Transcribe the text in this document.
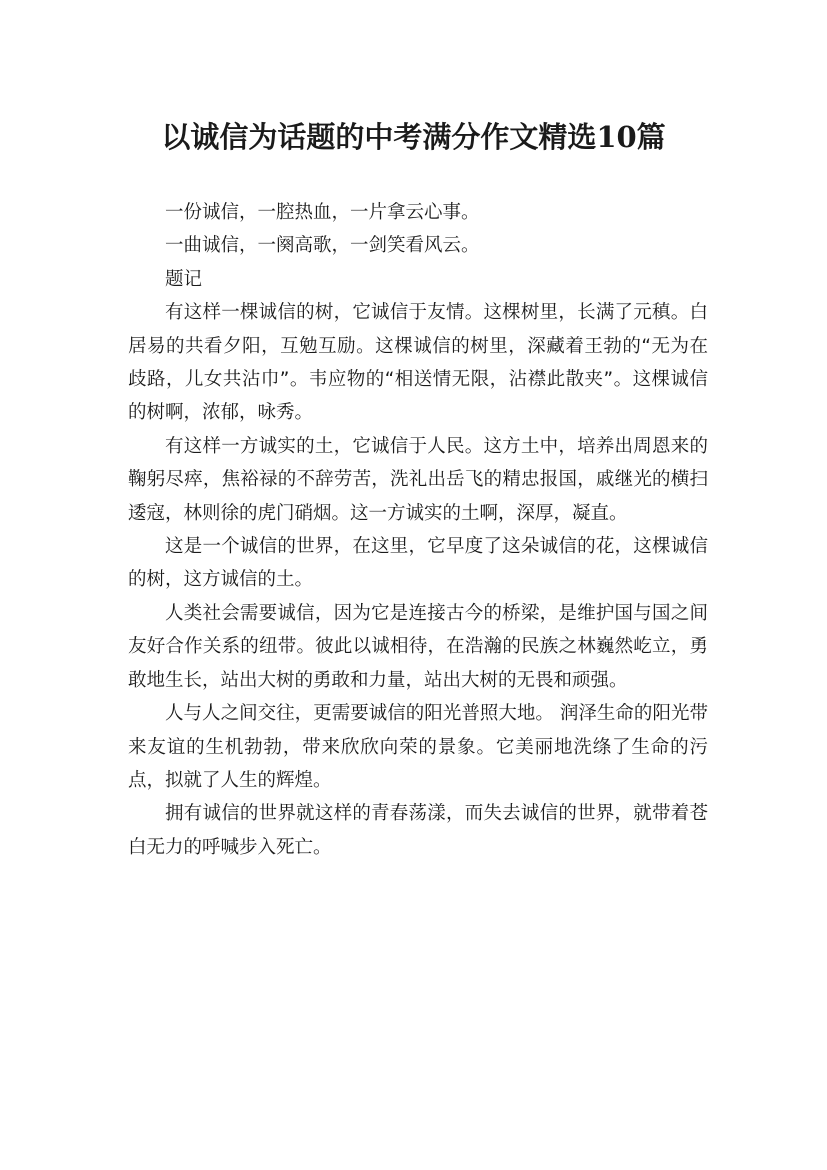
以诚信为话题的中考满分作文精选10篇

一份诚信，一腔热血，一片拿云心事。

一曲诚信，一阕高歌，一剑笑看风云。

题记

有这样一棵诚信的树，它诚信于友情。这棵树里，长满了元稹。白居易的共看夕阳，互勉互励。这棵诚信的树里，深藏着王勃的“无为在歧路，儿女共沾巾”。韦应物的“相送情无限，沾襟此散夹”。这棵诚信的树啊，浓郁，咏秀。

有这样一方诚实的土，它诚信于人民。这方土中，培养出周恩来的鞠躬尽瘁，焦裕禄的不辞劳苦，洗礼出岳飞的精忠报国，戚继光的横扫逶寇，林则徐的虎门硝烟。这一方诚实的土啊，深厚，凝直。

这是一个诚信的世界，在这里，它早度了这朵诚信的花，这棵诚信的树，这方诚信的土。

人类社会需要诚信，因为它是连接古今的桥梁，是维护国与国之间友好合作关系的纽带。彼此以诚相待，在浩瀚的民族之林巍然屹立，勇敢地生长，站出大树的勇敢和力量，站出大树的无畏和顽强。

人与人之间交往，更需要诚信的阳光普照大地。 润泽生命的阳光带来友谊的生机勃勃，带来欣欣向荣的景象。它美丽地洗绦了生命的污点，拟就了人生的辉煌。

拥有诚信的世界就这样的青春荡漾，而失去诚信的世界，就带着苍白无力的呼喊步入死亡。
